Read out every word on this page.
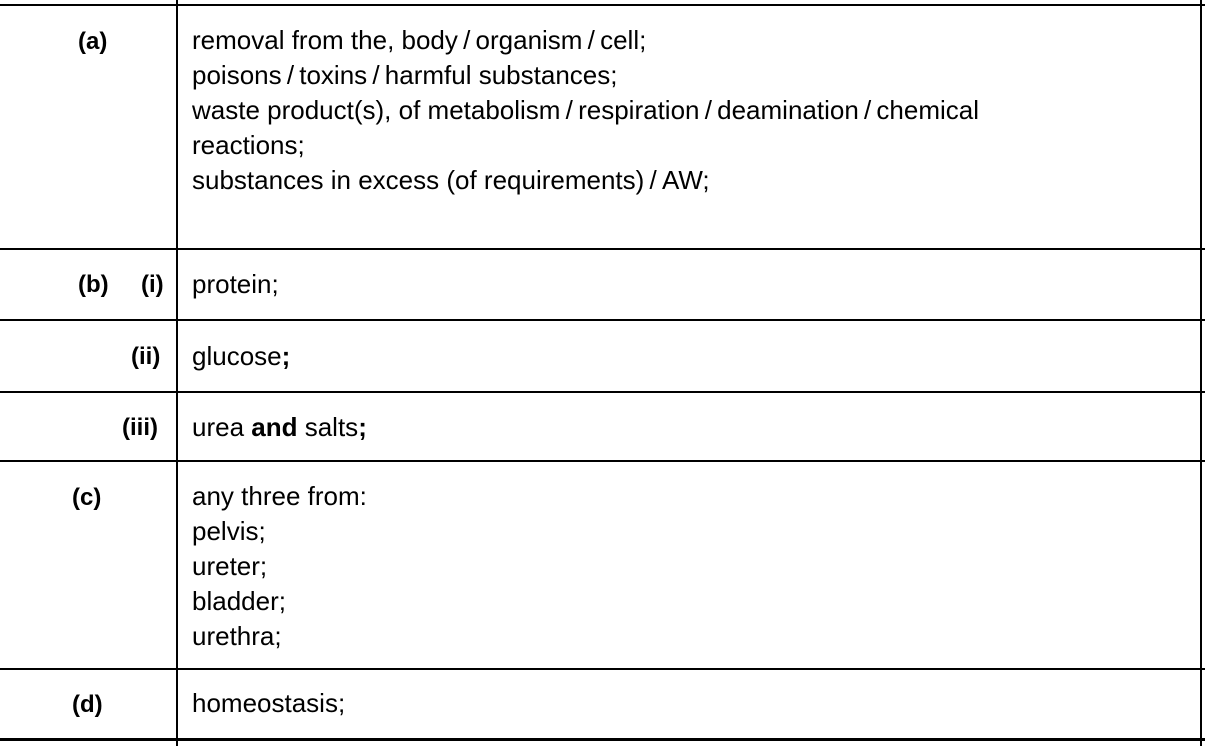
(a)	removal from the, body / organism / cell;
poisons / toxins / harmful substances;
waste product(s), of metabolism / respiration / deamination / chemical
reactions;
substances in excess (of requirements) / AW;
(b) (i) protein;
(ii) glucose;
(iii) urea and salts;
(c)	any three from:
pelvis;
ureter;
bladder;
urethra;
(d)	homeostasis;
